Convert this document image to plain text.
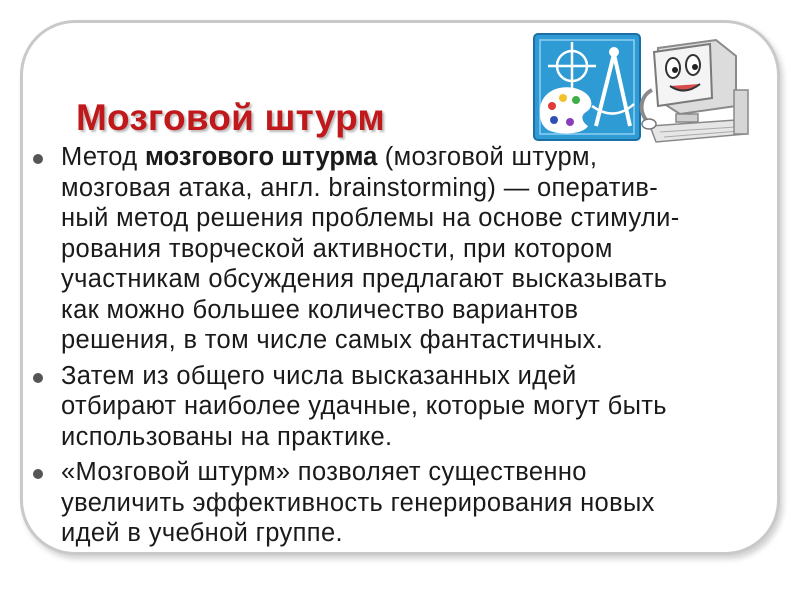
Мозговой штурм
Метод мозгового штурма (мозговой штурм,
мозговая атака, англ. brainstorming) — оператив-
ный метод решения проблемы на основе стимули-
рования творческой активности, при котором
участникам обсуждения предлагают высказывать
как можно большее количество вариантов
решения, в том числе самых фантастичных.
Затем из общего числа высказанных идей
отбирают наиболее удачные, которые могут быть
использованы на практике.
«Мозговой штурм» позволяет существенно
увеличить эффективность генерирования новых
идей в учебной группе.
